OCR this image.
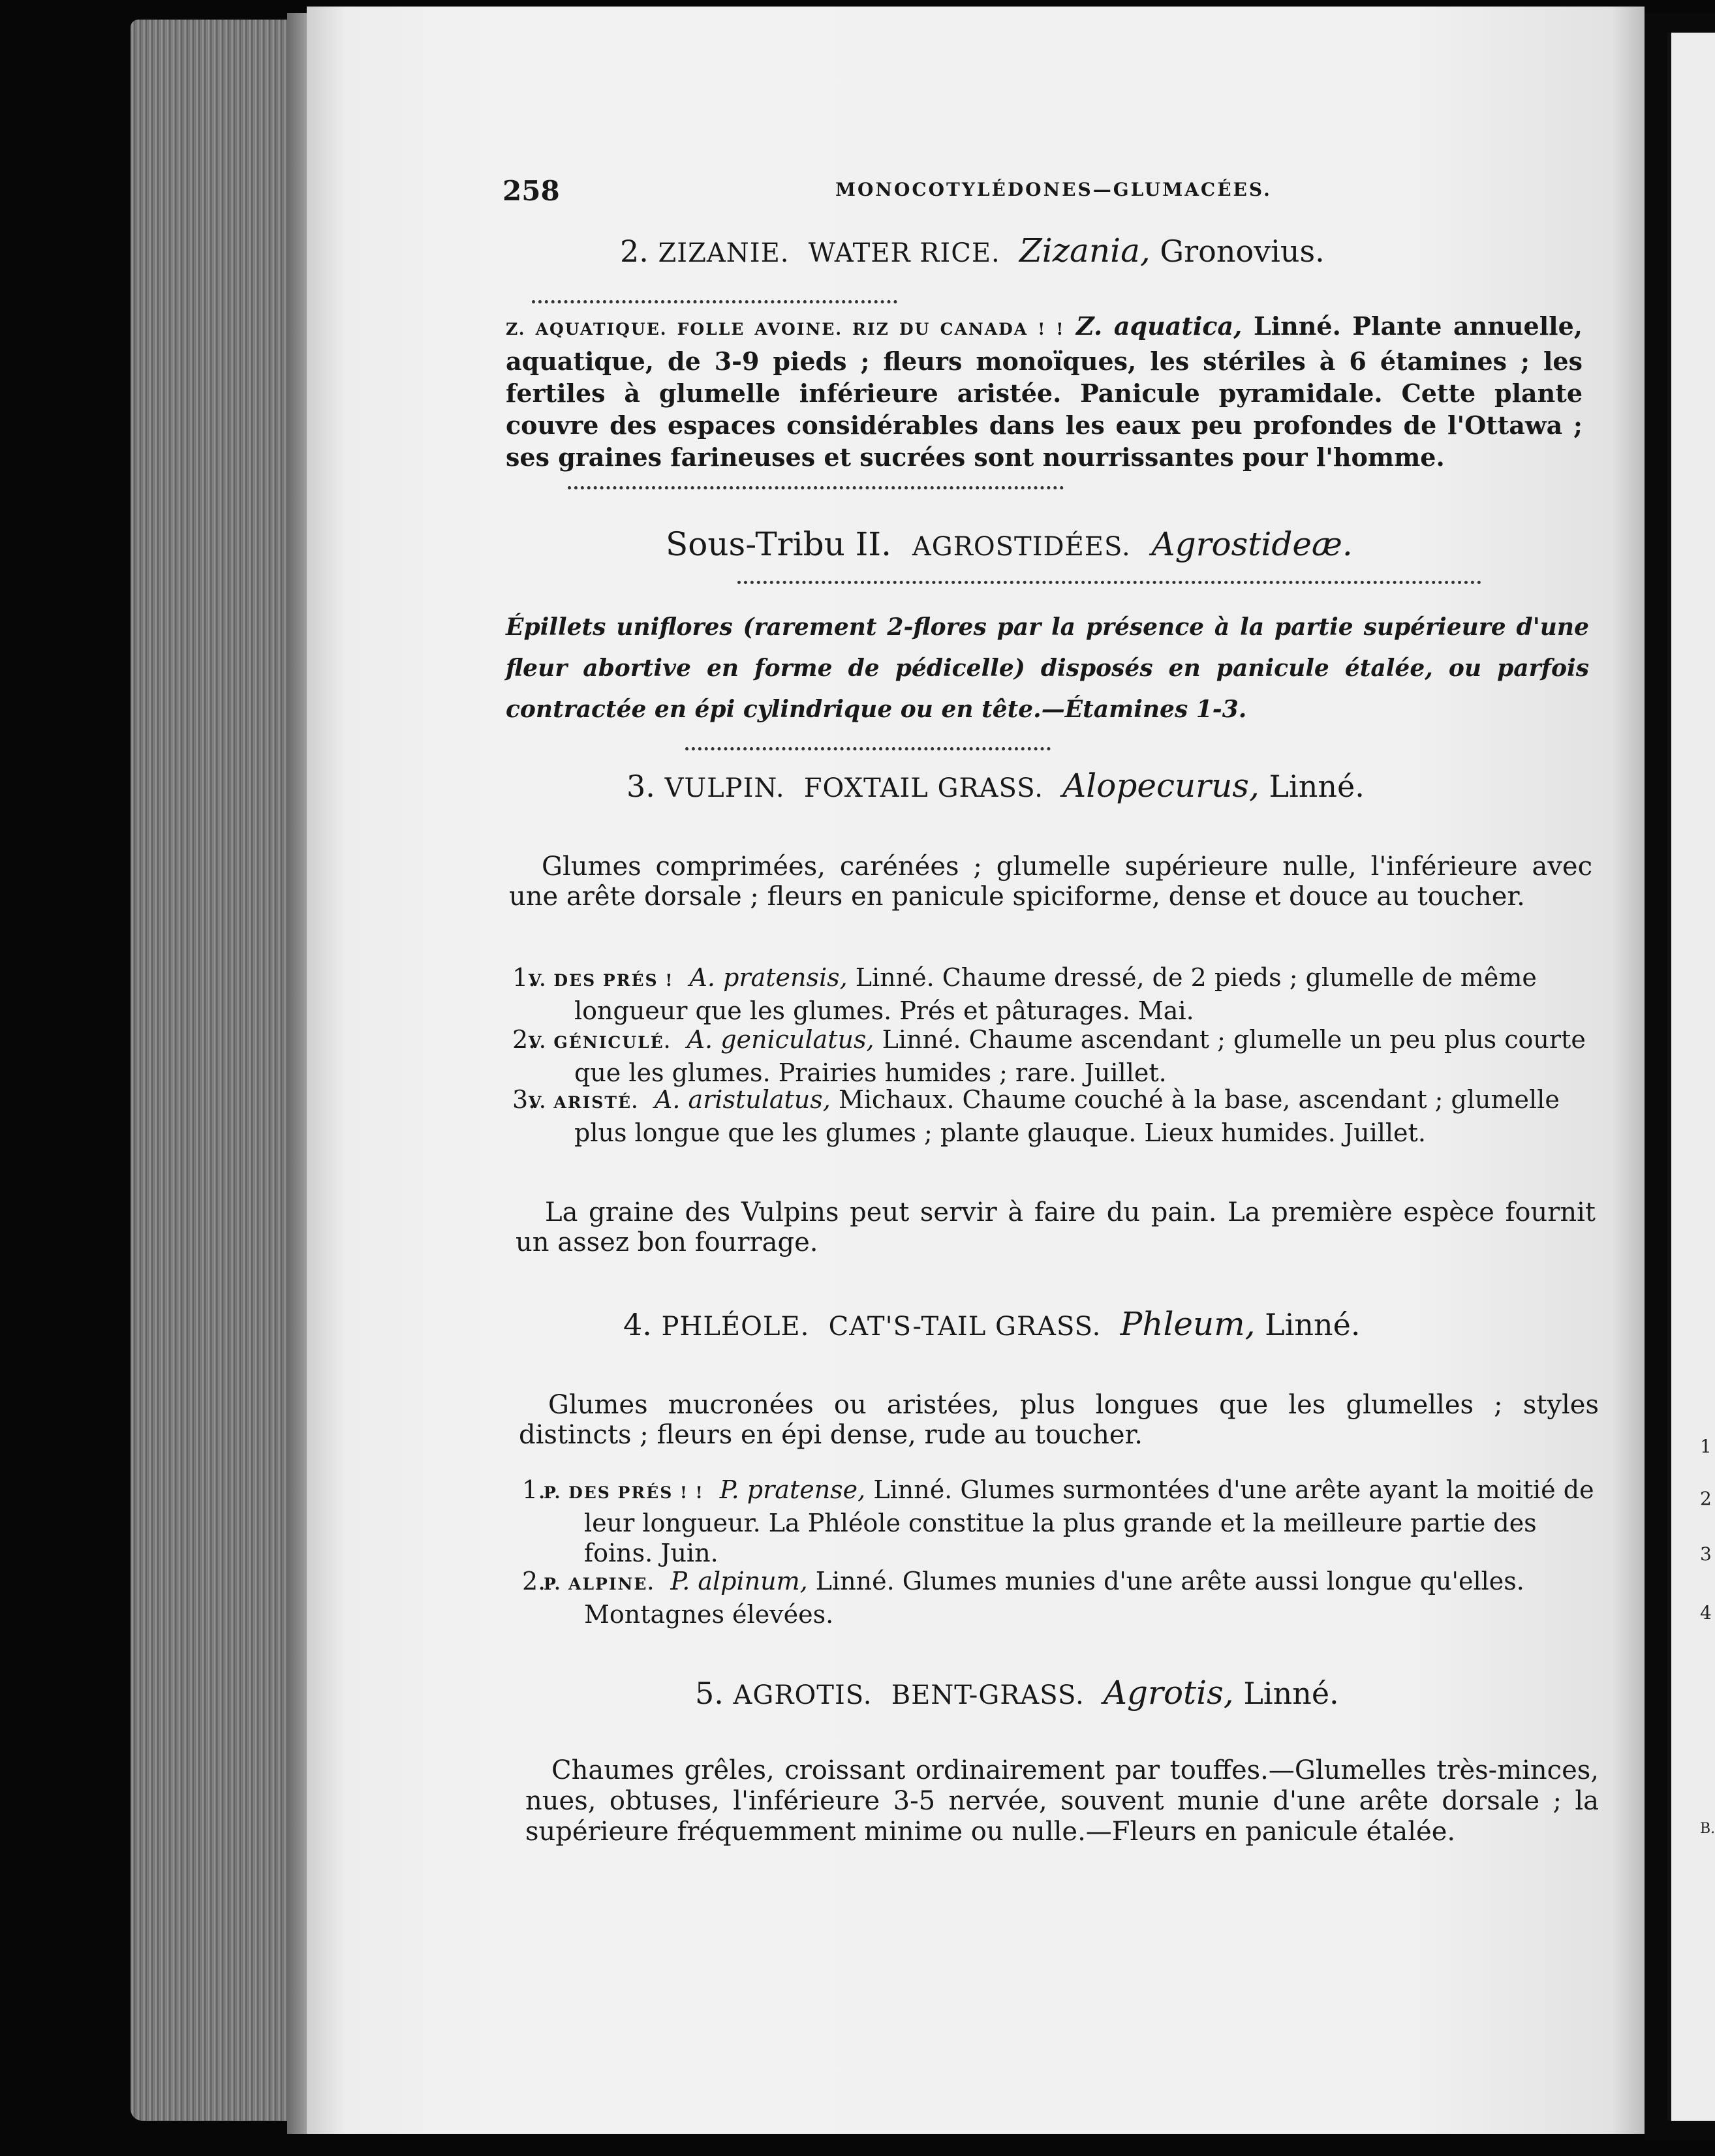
1
2
3
4
B.
258	MONOCOTYLÉDONES—GLUMACÉES.
2. ZIZANIE. WATER RICE. Zizania, Gronovius.
Z. AQUATIQUE. FOLLE AVOINE. RIZ DU CANADA ! ! Z. aquatica, Linné. Plante annuelle, aquatique, de 3-9 pieds ; fleurs monoïques, les stériles à 6 étamines ; les fertiles à glumelle inférieure aristée. Panicule pyramidale. Cette plante couvre des espaces considérables dans les eaux peu profondes de l'Ottawa ; ses graines farineuses et sucrées sont nourrissantes pour l'homme.
Sous-Tribu II. AGROSTIDÉES. Agrostideæ.
Épillets uniflores (rarement 2-flores par la présence à la partie supérieure d'une fleur abortive en forme de pédicelle) disposés en panicule étalée, ou parfois contractée en épi cylindrique ou en tête.—Étamines 1-3.
3. VULPIN. FOXTAIL GRASS. Alopecurus, Linné.
Glumes comprimées, carénées ; glumelle supérieure nulle, l'inférieure avec une arête dorsale ; fleurs en panicule spiciforme, dense et douce au toucher.
1.
V. DES PRÉS ! A. pratensis, Linné. Chaume dressé, de 2 pieds ; glumelle de même longueur que les glumes. Prés et pâturages. Mai.
2.
V. GÉNICULÉ. A. geniculatus, Linné. Chaume ascendant ; glumelle un peu plus courte que les glumes. Prairies humides ; rare. Juillet.
3.
V. ARISTÉ. A. aristulatus, Michaux. Chaume couché à la base, ascendant ; glumelle plus longue que les glumes ; plante glauque. Lieux humides. Juillet.
La graine des Vulpins peut servir à faire du pain. La première espèce fournit un assez bon fourrage.
4. PHLÉOLE. CAT'S-TAIL GRASS. Phleum, Linné.
Glumes mucronées ou aristées, plus longues que les glumelles ; styles distincts ; fleurs en épi dense, rude au toucher.
1.
P. DES PRÉS ! ! P. pratense, Linné. Glumes surmontées d'une arête ayant la moitié de leur longueur. La Phléole constitue la plus grande et la meilleure partie des foins. Juin.
2.
P. ALPINE. P. alpinum, Linné. Glumes munies d'une arête aussi longue qu'elles. Montagnes élevées.
5. AGROTIS. BENT-GRASS. Agrotis, Linné.
Chaumes grêles, croissant ordinairement par touffes.—Glumelles très-minces, nues, obtuses, l'inférieure 3-5 nervée, souvent munie d'une arête dorsale ; la supérieure fréquemment minime ou nulle.—Fleurs en panicule étalée.
